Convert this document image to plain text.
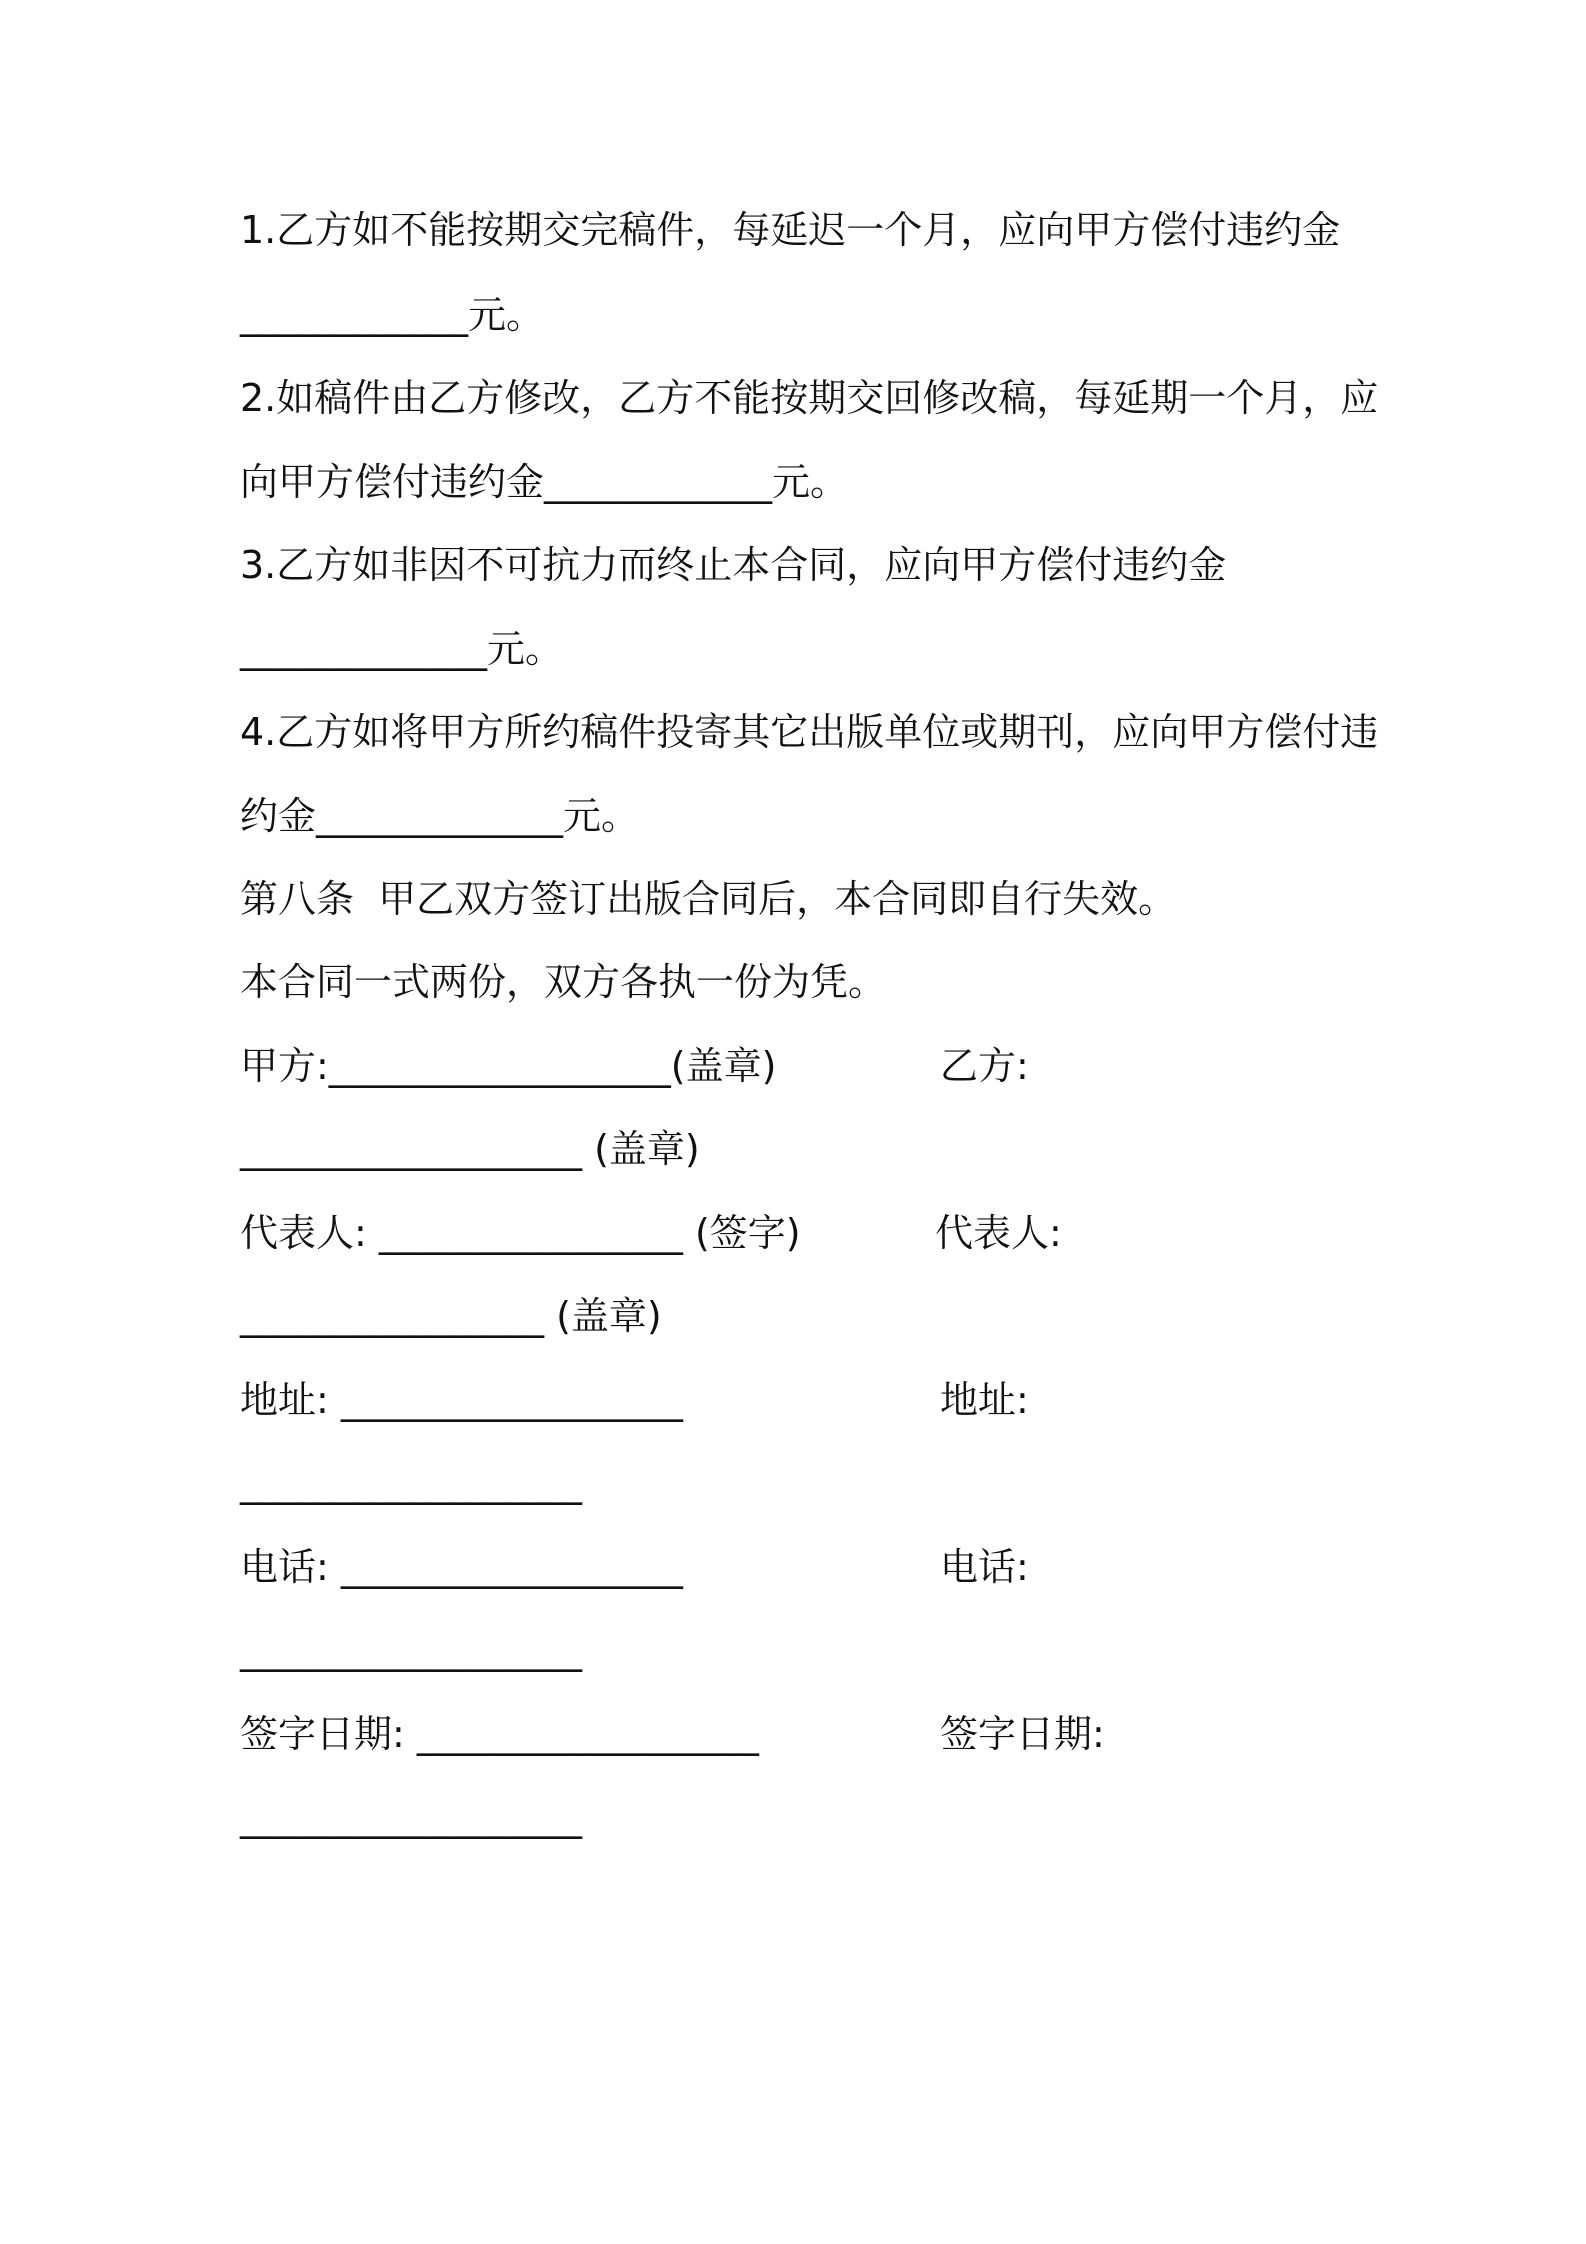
1.乙方如不能按期交完稿件，每延迟一个月，应向甲方偿付违约金
____________元。
2.如稿件由乙方修改，乙方不能按期交回修改稿，每延期一个月，应
向甲方偿付违约金____________元。
3.乙方如非因不可抗力而终止本合同，应向甲方偿付违约金
_____________元。
4.乙方如将甲方所约稿件投寄其它出版单位或期刊，应向甲方偿付违
约金_____________元。
第八条  甲乙双方签订出版合同后，本合同即自行失效。
本合同一式两份，双方各执一份为凭。
甲方:__________________(盖章)	乙方:
__________________ (盖章)
代表人: ________________ (签字)	代表人:
________________ (盖章)
地址: __________________	地址:
__________________
电话: __________________	电话:
__________________
签字日期: __________________	签字日期:
__________________
